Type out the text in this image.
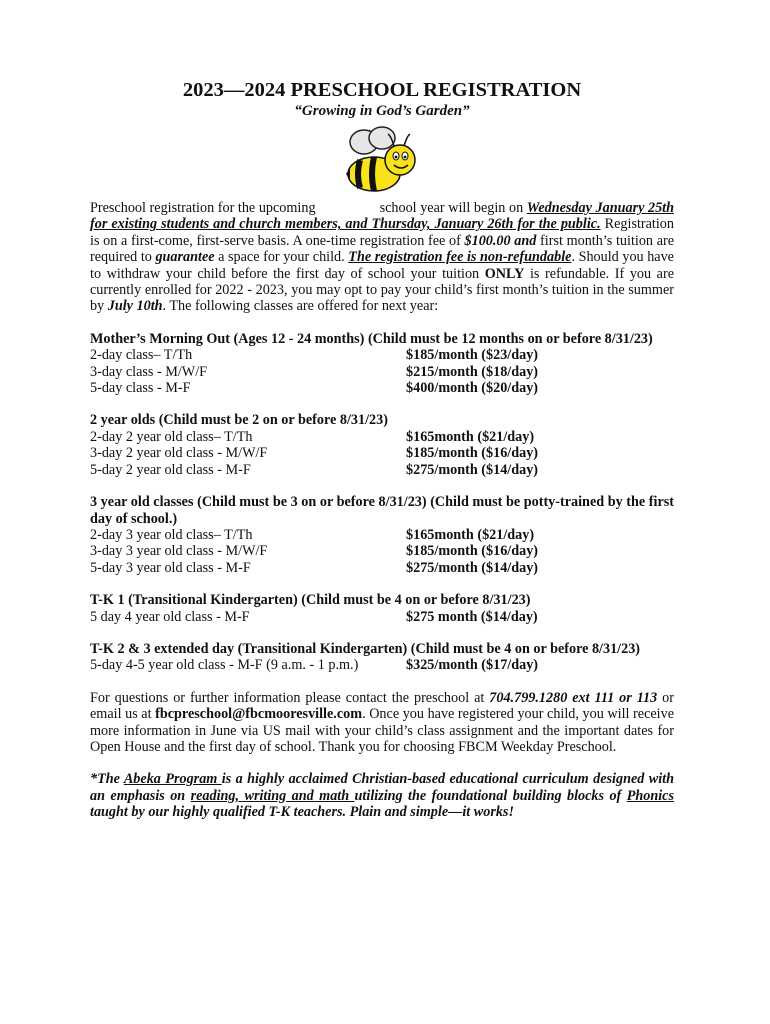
2023—2024 PRESCHOOL REGISTRATION
“Growing in God’s Garden”

Preschool registration for the upcoming	school year will begin on Wednesday January 25th for existing students and church members, and Thursday, January 26th for the public. Registration is on a first-come, first-serve basis. A one-time registration fee of $100.00 and first month’s tuition are required to guarantee a space for your child. The registration fee is non-refundable. Should you have to withdraw your child before the first day of school your tuition ONLY is refundable. If you are currently enrolled for 2022 - 2023, you may opt to pay your child’s first month’s tuition in the summer by July 10th. The following classes are offered for next year:

Mother’s Morning Out (Ages 12 - 24 months) (Child must be 12 months on or before 8/31/23)
2-day class– T/Th	$185/month ($23/day)
3-day class - M/W/F	$215/month ($18/day)
5-day class - M-F	$400/month ($20/day)
2 year olds (Child must be 2 on or before 8/31/23)
2-day 2 year old class– T/Th	$165month ($21/day)
3-day 2 year old class - M/W/F	$185/month ($16/day)
5-day 2 year old class - M-F	$275/month ($14/day)
3 year old classes (Child must be 3 on or before 8/31/23) (Child must be potty-trained by the first day of school.)
2-day 3 year old class– T/Th	$165month ($21/day)
3-day 3 year old class - M/W/F	$185/month ($16/day)
5-day 3 year old class - M-F	$275/month ($14/day)
T-K 1 (Transitional Kindergarten) (Child must be 4 on or before 8/31/23)
5 day 4 year old class - M-F	$275 month ($14/day)
T-K 2 & 3 extended day (Transitional Kindergarten) (Child must be 4 on or before 8/31/23)
5-day 4-5 year old class - M-F (9 a.m. - 1 p.m.)	$325/month ($17/day)

For questions or further information please contact the preschool at 704.799.1280 ext 111 or 113 or email us at fbcpreschool@fbcmooresville.com. Once you have registered your child, you will receive more information in June via US mail with your child’s class assignment and the important dates for Open House and the first day of school. Thank you for choosing FBCM Weekday Preschool.

*The Abeka Program is a highly acclaimed Christian-based educational curriculum designed with an emphasis on reading, writing and math utilizing the foundational building blocks of Phonics taught by our highly qualified T-K teachers. Plain and simple—it works!
